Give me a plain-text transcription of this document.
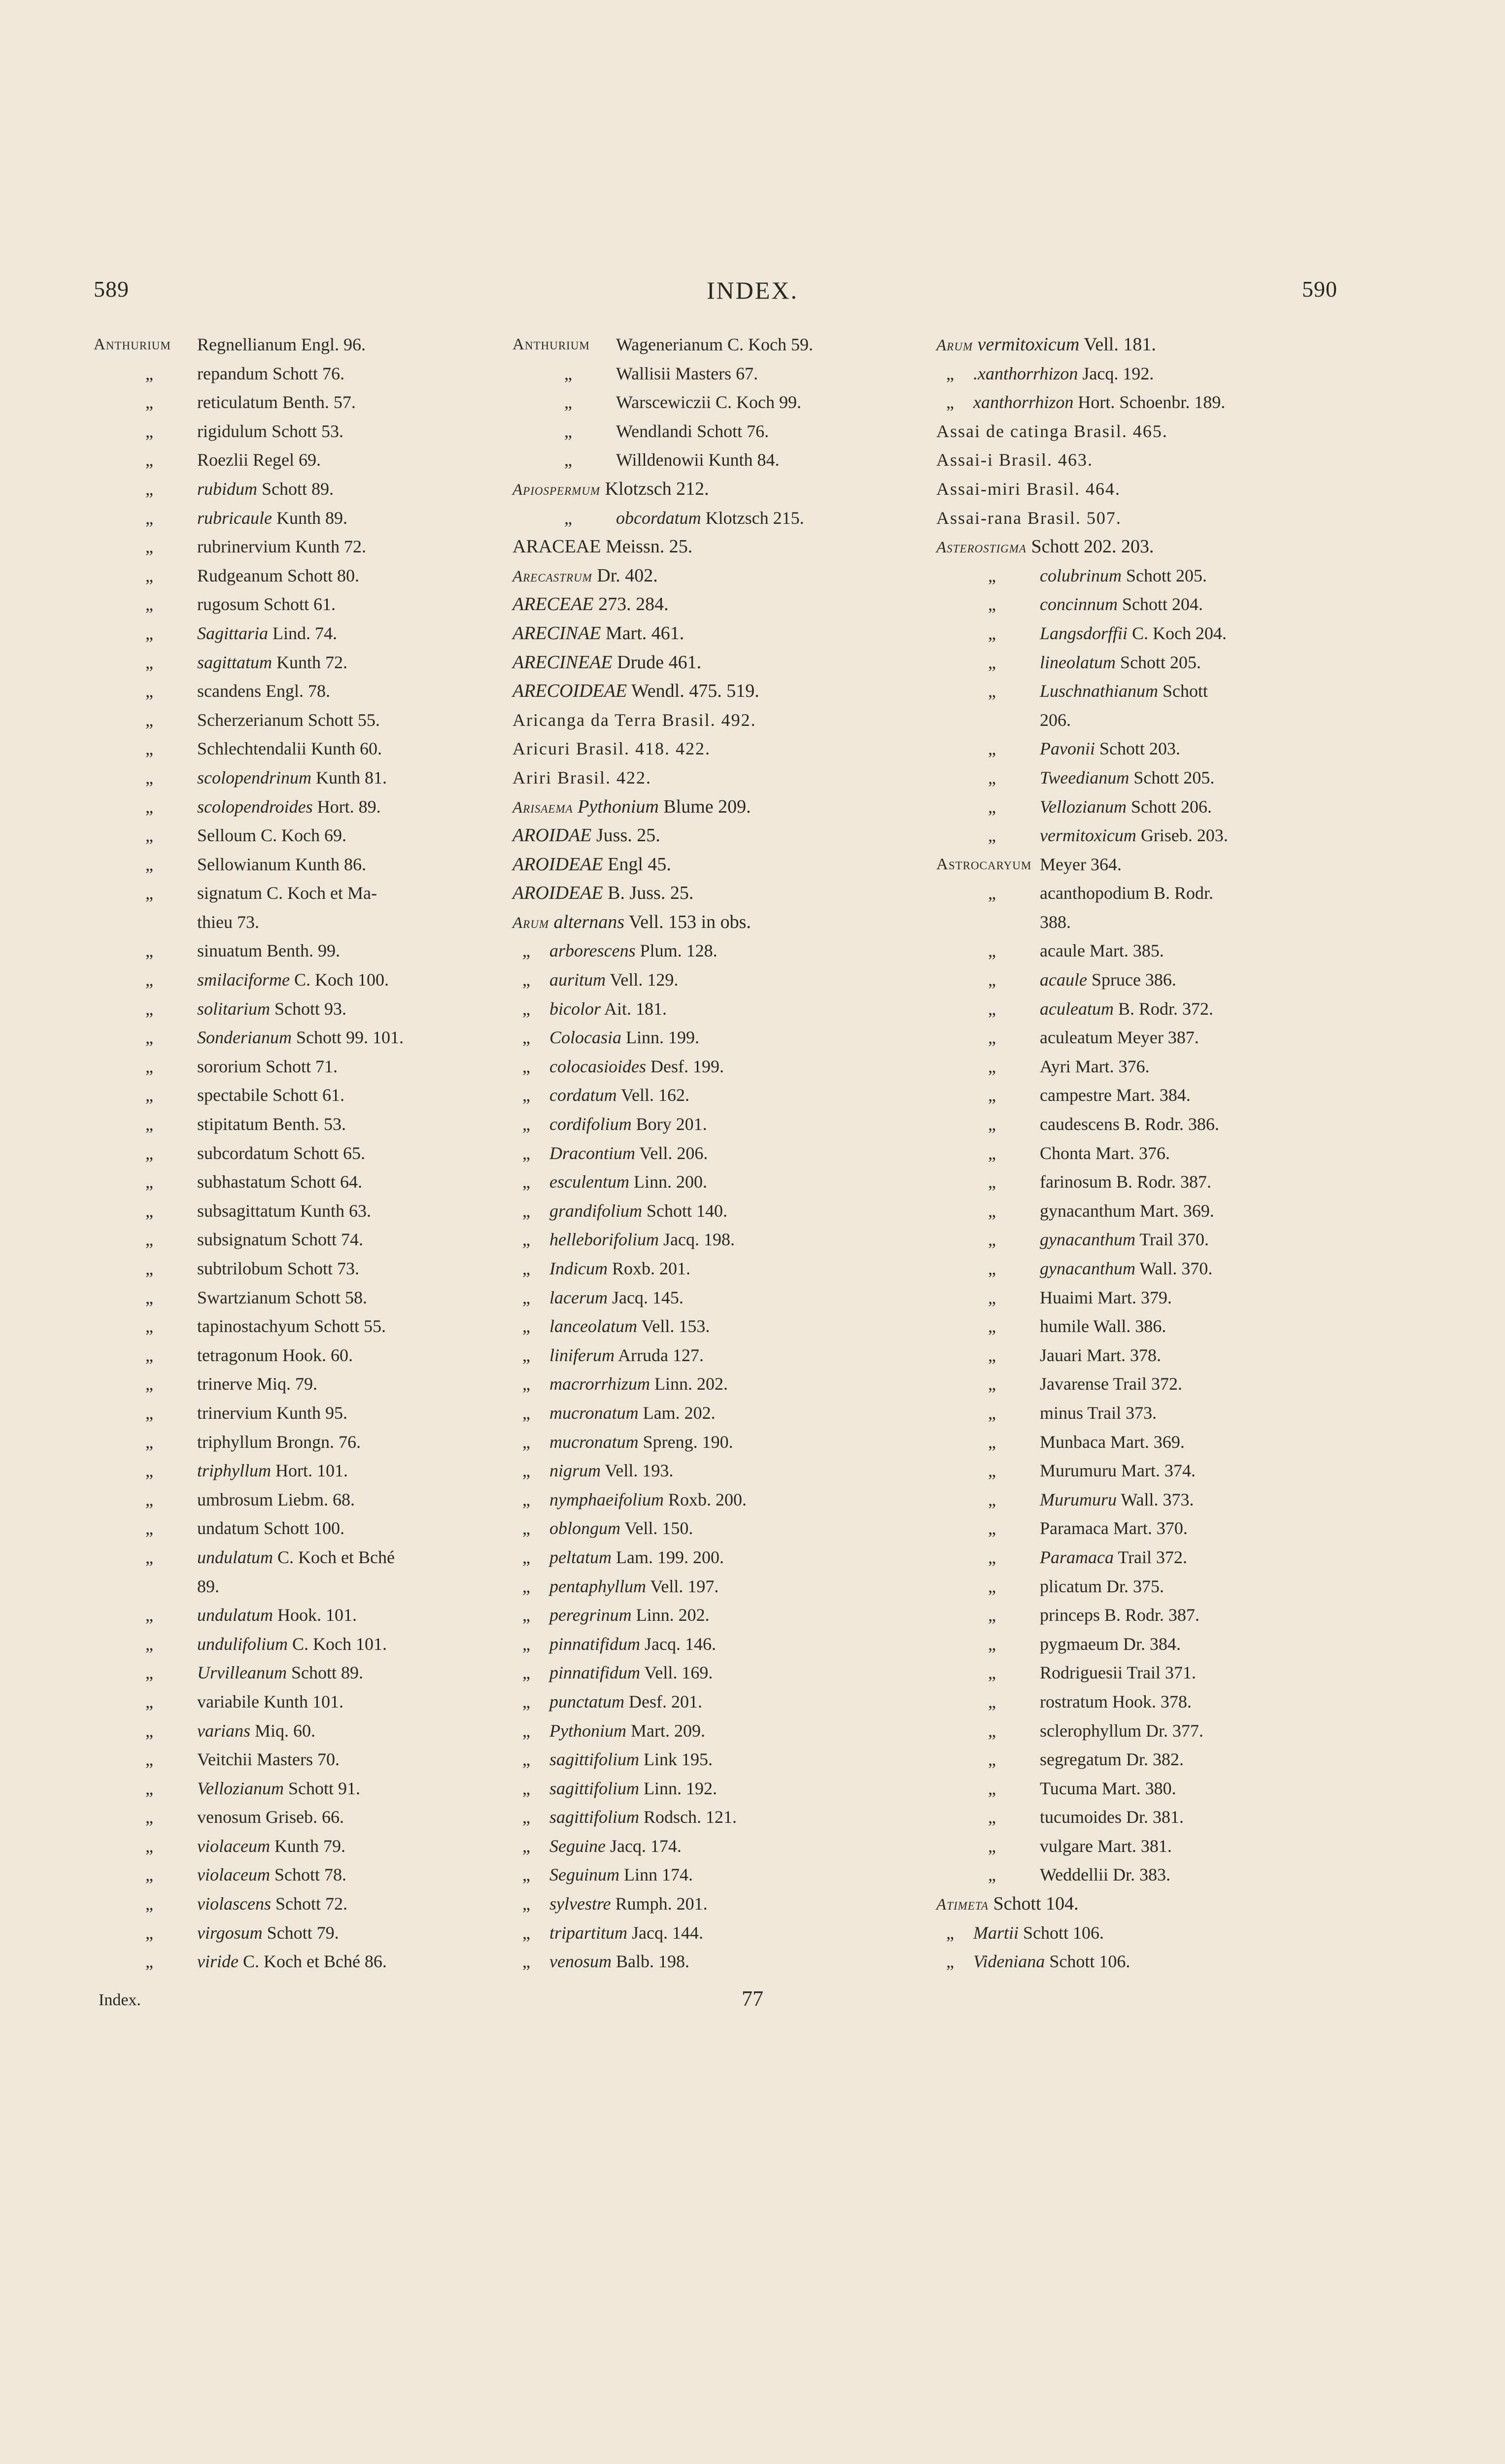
589	INDEX.	590
Anthurium Regnellianum Engl. 96.
„ repandum Schott 76.
„ reticulatum Benth. 57.
„ rigidulum Schott 53.
„ Roezlii Regel 69.
„ rubidum Schott 89.
„ rubricaule Kunth 89.
„ rubrinervium Kunth 72.
„ Rudgeanum Schott 80.
„ rugosum Schott 61.
„ Sagittaria Lind. 74.
„ sagittatum Kunth 72.
„ scandens Engl. 78.
„ Scherzerianum Schott 55.
„ Schlechtendalii Kunth 60.
„ scolopendrinum Kunth 81.
„ scolopendroides Hort. 89.
„ Selloum C. Koch 69.
„ Sellowianum Kunth 86.
„ signatum C. Koch et Ma-
thieu 73.
„ sinuatum Benth. 99.
„ smilaciforme C. Koch 100.
„ solitarium Schott 93.
„ Sonderianum Schott 99. 101.
„ sororium Schott 71.
„ spectabile Schott 61.
„ stipitatum Benth. 53.
„ subcordatum Schott 65.
„ subhastatum Schott 64.
„ subsagittatum Kunth 63.
„ subsignatum Schott 74.
„ subtrilobum Schott 73.
„ Swartzianum Schott 58.
„ tapinostachyum Schott 55.
„ tetragonum Hook. 60.
„ trinerve Miq. 79.
„ trinervium Kunth 95.
„ triphyllum Brongn. 76.
„ triphyllum Hort. 101.
„ umbrosum Liebm. 68.
„ undatum Schott 100.
„ undulatum C. Koch et Bché
89.
„ undulatum Hook. 101.
„ undulifolium C. Koch 101.
„ Urvilleanum Schott 89.
„ variabile Kunth 101.
„ varians Miq. 60.
„ Veitchii Masters 70.
„ Vellozianum Schott 91.
„ venosum Griseb. 66.
„ violaceum Kunth 79.
„ violaceum Schott 78.
„ violascens Schott 72.
„ virgosum Schott 79.
„ viride C. Koch et Bché 86.
Anthurium Wagenerianum C. Koch 59.
„ Wallisii Masters 67.
„ Warscewiczii C. Koch 99.
„ Wendlandi Schott 76.
„ Willdenowii Kunth 84.
Apiospermum Klotzsch 212.
„ obcordatum Klotzsch 215.
ARACEAE Meissn. 25.
Arecastrum Dr. 402.
ARECEAE 273. 284.
ARECINAE Mart. 461.
ARECINEAE Drude 461.
ARECOIDEAE Wendl. 475. 519.
Aricanga da Terra Brasil. 492.
Aricuri Brasil. 418. 422.
Ariri Brasil. 422.
Arisaema Pythonium Blume 209.
AROIDAE Juss. 25.
AROIDEAE Engl 45.
AROIDEAE B. Juss. 25.
Arum alternans Vell. 153 in obs.
„ arborescens Plum. 128.
„ auritum Vell. 129.
„ bicolor Ait. 181.
„ Colocasia Linn. 199.
„ colocasioides Desf. 199.
„ cordatum Vell. 162.
„ cordifolium Bory 201.
„ Dracontium Vell. 206.
„ esculentum Linn. 200.
„ grandifolium Schott 140.
„ helleborifolium Jacq. 198.
„ Indicum Roxb. 201.
„ lacerum Jacq. 145.
„ lanceolatum Vell. 153.
„ liniferum Arruda 127.
„ macrorrhizum Linn. 202.
„ mucronatum Lam. 202.
„ mucronatum Spreng. 190.
„ nigrum Vell. 193.
„ nymphaeifolium Roxb. 200.
„ oblongum Vell. 150.
„ peltatum Lam. 199. 200.
„ pentaphyllum Vell. 197.
„ peregrinum Linn. 202.
„ pinnatifidum Jacq. 146.
„ pinnatifidum Vell. 169.
„ punctatum Desf. 201.
„ Pythonium Mart. 209.
„ sagittifolium Link 195.
„ sagittifolium Linn. 192.
„ sagittifolium Rodsch. 121.
„ Seguine Jacq. 174.
„ Seguinum Linn 174.
„ sylvestre Rumph. 201.
„ tripartitum Jacq. 144.
„ venosum Balb. 198.
Arum vermitoxicum Vell. 181.
„ .xanthorrhizon Jacq. 192.
„ xanthorrhizon Hort. Schoenbr. 189.
Assai de catinga Brasil. 465.
Assai-i Brasil. 463.
Assai-miri Brasil. 464.
Assai-rana Brasil. 507.
Asterostigma Schott 202. 203.
„ colubrinum Schott 205.
„ concinnum Schott 204.
„ Langsdorffii C. Koch 204.
„ lineolatum Schott 205.
„ Luschnathianum Schott
206.
„ Pavonii Schott 203.
„ Tweedianum Schott 205.
„ Vellozianum Schott 206.
„ vermitoxicum Griseb. 203.
Astrocaryum Meyer 364.
„ acanthopodium B. Rodr.
388.
„ acaule Mart. 385.
„ acaule Spruce 386.
„ aculeatum B. Rodr. 372.
„ aculeatum Meyer 387.
„ Ayri Mart. 376.
„ campestre Mart. 384.
„ caudescens B. Rodr. 386.
„ Chonta Mart. 376.
„ farinosum B. Rodr. 387.
„ gynacanthum Mart. 369.
„ gynacanthum Trail 370.
„ gynacanthum Wall. 370.
„ Huaimi Mart. 379.
„ humile Wall. 386.
„ Jauari Mart. 378.
„ Javarense Trail 372.
„ minus Trail 373.
„ Munbaca Mart. 369.
„ Murumuru Mart. 374.
„ Murumuru Wall. 373.
„ Paramaca Mart. 370.
„ Paramaca Trail 372.
„ plicatum Dr. 375.
„ princeps B. Rodr. 387.
„ pygmaeum Dr. 384.
„ Rodriguesii Trail 371.
„ rostratum Hook. 378.
„ sclerophyllum Dr. 377.
„ segregatum Dr. 382.
„ Tucuma Mart. 380.
„ tucumoides Dr. 381.
„ vulgare Mart. 381.
„ Weddellii Dr. 383.
Atimeta Schott 104.
„ Martii Schott 106.
„ Videniana Schott 106.
Index.	77
